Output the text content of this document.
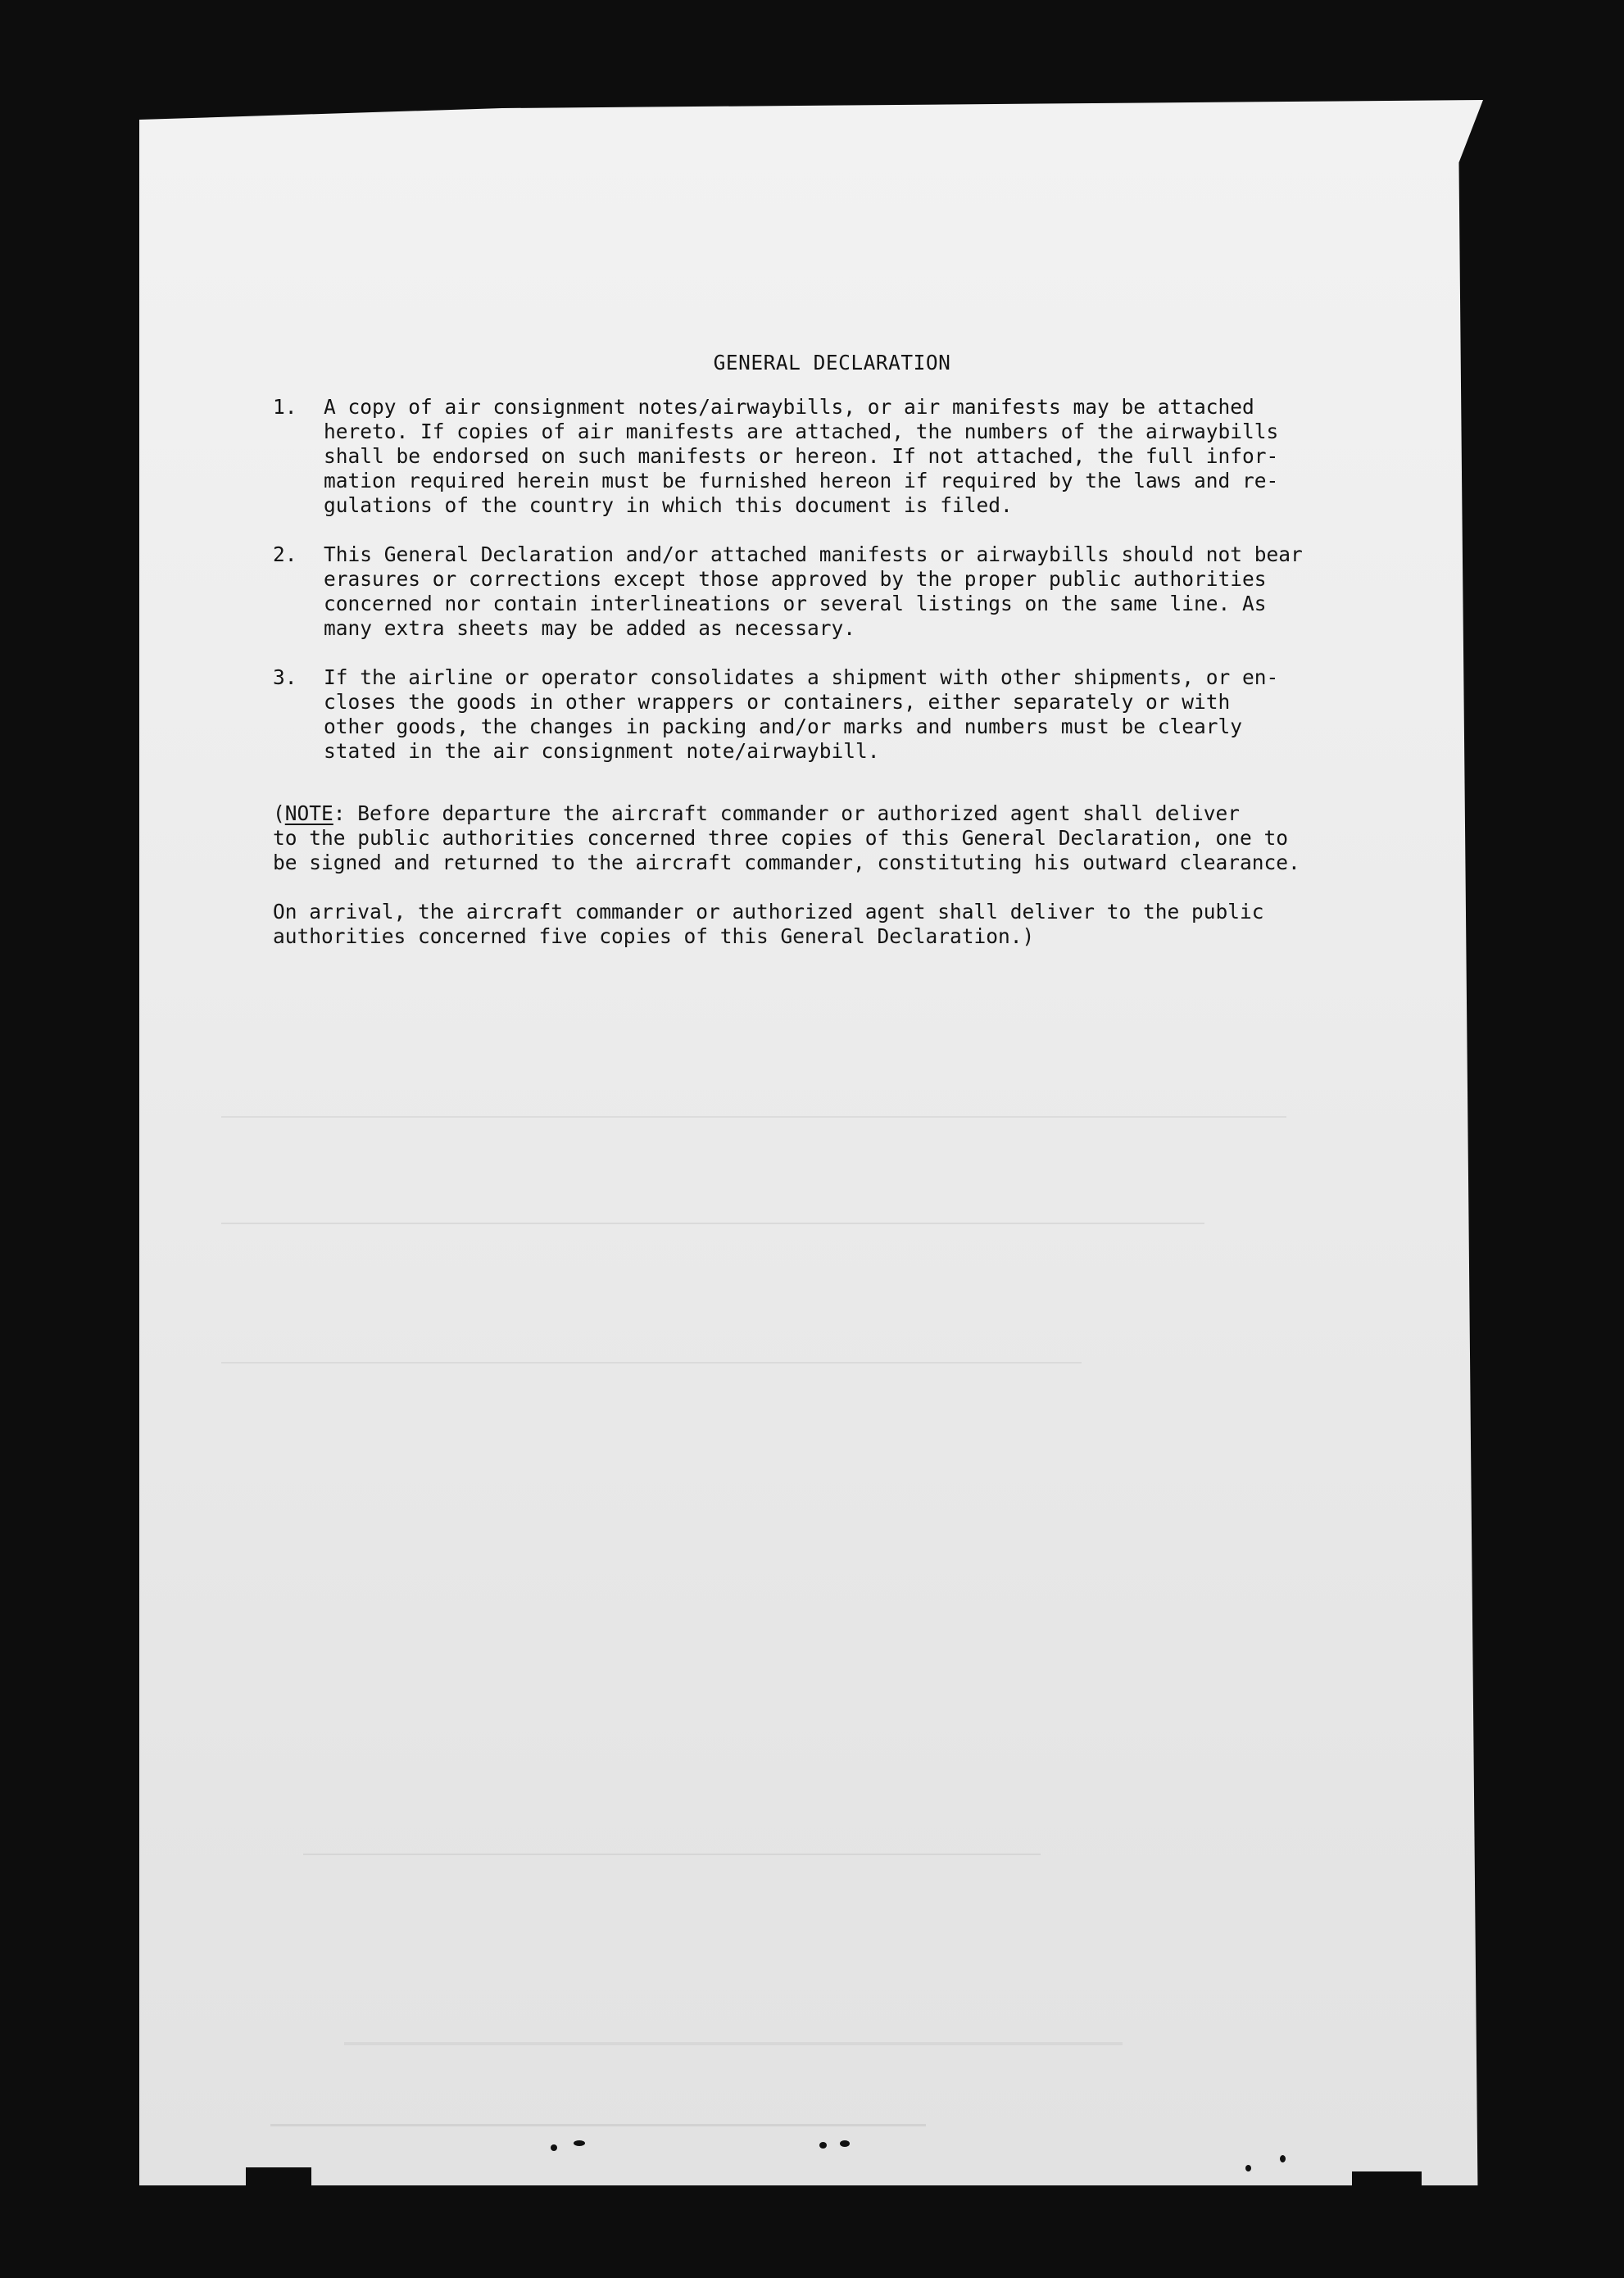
GENERAL DECLARATION
1.	A copy of air consignment notes/airwaybills, or air manifests may be attached
hereto. If copies of air manifests are attached, the numbers of the airwaybills
shall be endorsed on such manifests or hereon. If not attached, the full infor-
mation required herein must be furnished hereon if required by the laws and re-
gulations of the country in which this document is filed.
2.	This General Declaration and/or attached manifests or airwaybills should not bear
erasures or corrections except those approved by the proper public authorities
concerned nor contain interlineations or several listings on the same line. As
many extra sheets may be added as necessary.
3.	If the airline or operator consolidates a shipment with other shipments, or en-
closes the goods in other wrappers or containers, either separately or with
other goods, the changes in packing and/or marks and numbers must be clearly
stated in the air consignment note/airwaybill.
(NOTE: Before departure the aircraft commander or authorized agent shall deliver
to the public authorities concerned three copies of this General Declaration, one to
be signed and returned to the aircraft commander, constituting his outward clearance.
On arrival, the aircraft commander or authorized agent shall deliver to the public
authorities concerned five copies of this General Declaration.)
